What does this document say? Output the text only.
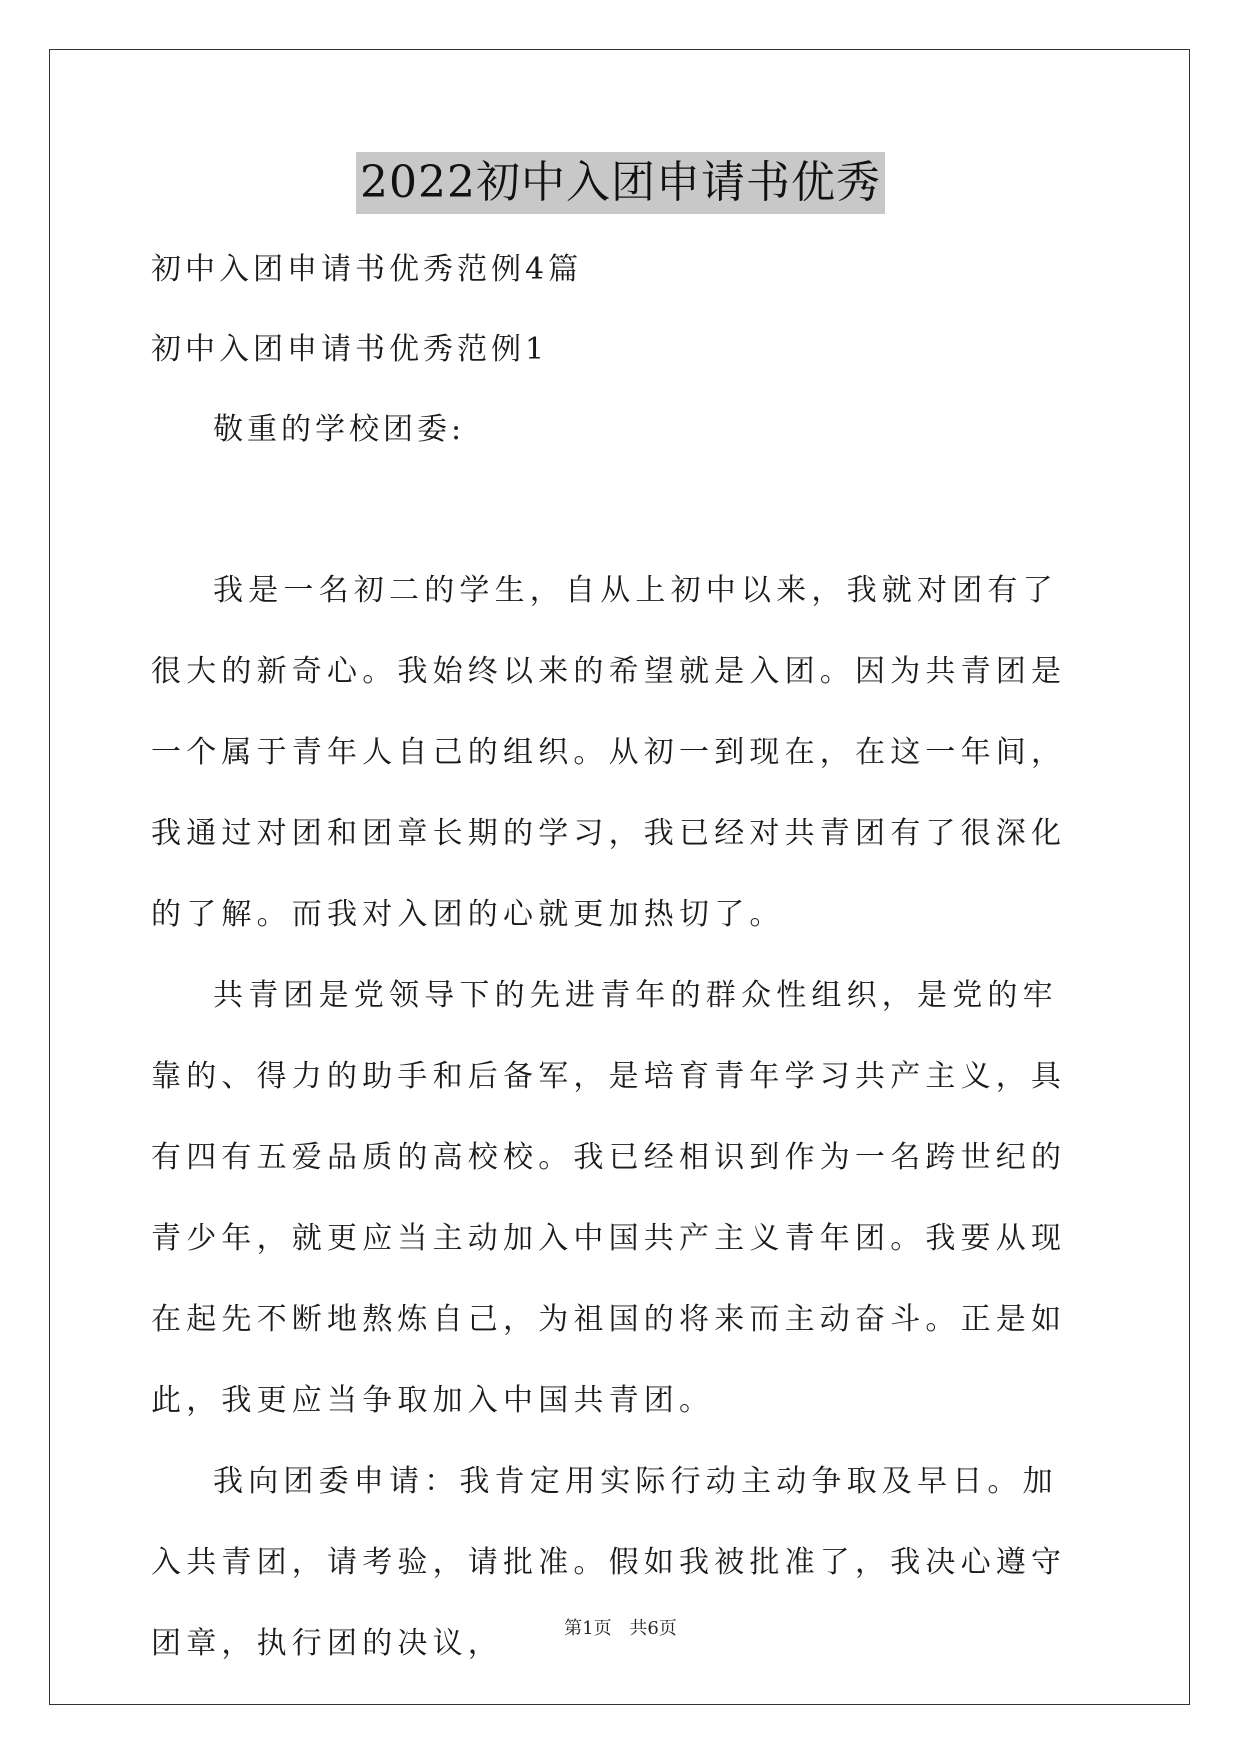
2022初中入团申请书优秀
初中入团申请书优秀范例4篇
初中入团申请书优秀范例1
敬重的学校团委:

我是一名初二的学生，自从上初中以来，我就对团有了很大的新奇心。我始终以来的希望就是入团。因为共青团是一个属于青年人自己的组织。从初一到现在，在这一年间，我通过对团和团章长期的学习，我已经对共青团有了很深化的了解。而我对入团的心就更加热切了。

共青团是党领导下的先进青年的群众性组织，是党的牢靠的、得力的助手和后备军，是培育青年学习共产主义，具有四有五爱品质的高校校。我已经相识到作为一名跨世纪的青少年，就更应当主动加入中国共产主义青年团。我要从现在起先不断地熬炼自己，为祖国的将来而主动奋斗。正是如此，我更应当争取加入中国共青团。

我向团委申请：我肯定用实际行动主动争取及早日。加入共青团，请考验，请批准。假如我被批准了，我决心遵守团章，执行团的决议，	第1页 共6页
